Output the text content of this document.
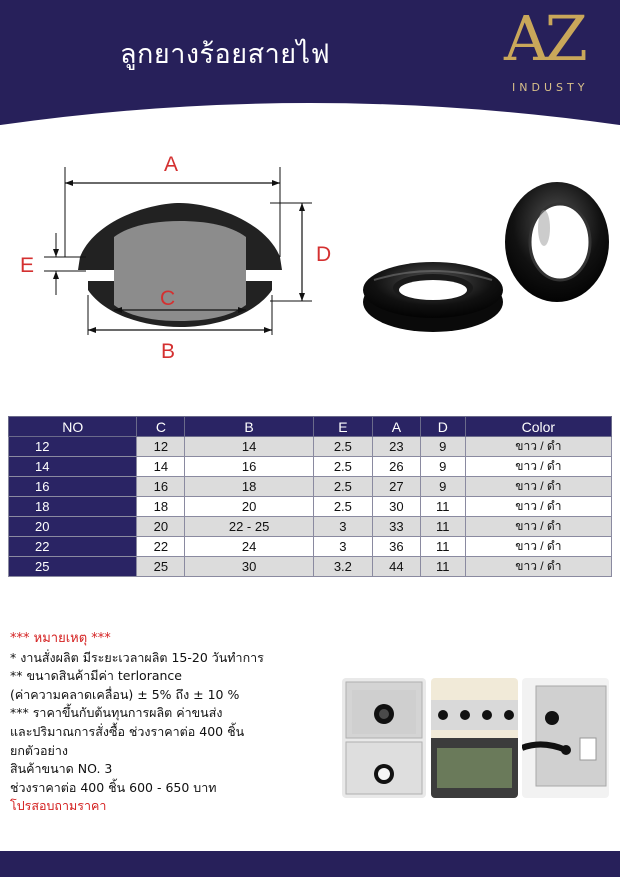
ลูกยางร้อยสายไฟ	AZ
INDUSTY
A
D
E
C
B
NO	C	B	E	A	D	Color
12	12	14	2.5	23	9	ขาว / ดำ
14	14	16	2.5	26	9	ขาว / ดำ
16	16	18	2.5	27	9	ขาว / ดำ
18	18	20	2.5	30	11	ขาว / ดำ
20	20	22 - 25	3	33	11	ขาว / ดำ
22	22	24	3	36	11	ขาว / ดำ
25	25	30	3.2	44	11	ขาว / ดำ
*** หมายเหตุ ***
* งานสั่งผลิต มีระยะเวลาผลิต 15-20 วันทำการ
** ขนาดสินค้ามีค่า terlorance
(ค่าความคลาดเคลื่อน) ± 5% ถึง ± 10 %
*** ราคาขึ้นกับต้นทุนการผลิต ค่าขนส่ง
และปริมาณการสั่งซื้อ ช่วงราคาต่อ 400 ชิ้น
ยกตัวอย่าง
สินค้าขนาด NO. 3
ช่วงราคาต่อ 400 ชิ้น 600 - 650 บาท
โปรสอบถามราคา
